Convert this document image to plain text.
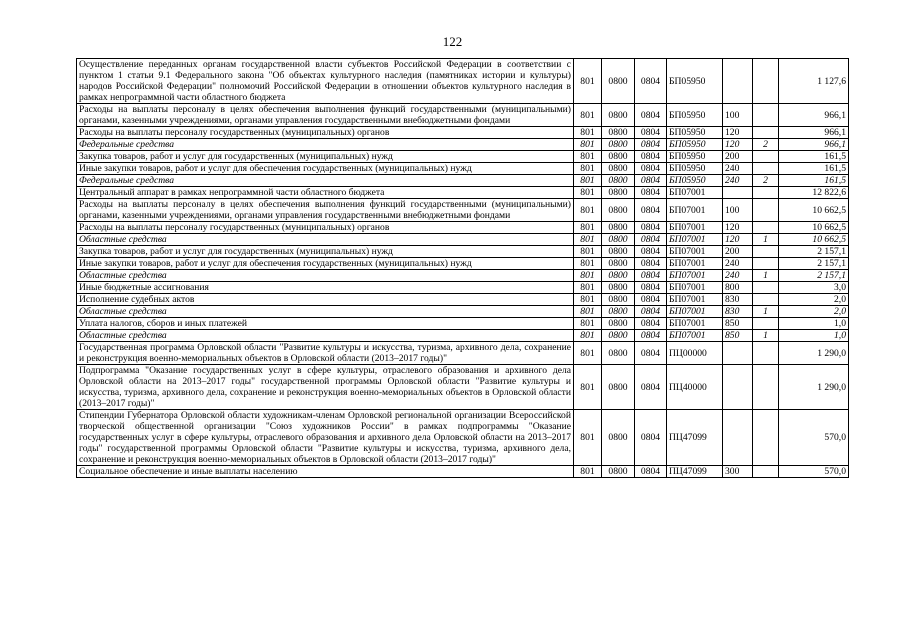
122
Осуществление переданных органам государственной власти субъектов Российской Федерации в соответствии с пунктом 1 статьи 9.1 Федерального закона "Об объектах культурного наследия (памятниках истории и культуры) народов Российской Федерации" полномочий Российской Федерации в отношении объектов культурного наследия в рамках непрограммной части областного бюджета	801	0800	0804	БП05950			1 127,6
Расходы на выплаты персоналу в целях обеспечения выполнения функций государственными (муниципальными) органами, казенными учреждениями, органами управления государственными внебюджетными фондами	801	0800	0804	БП05950	100		966,1
Расходы на выплаты персоналу государственных (муниципальных) органов	801	0800	0804	БП05950	120		966,1
Федеральные средства	801	0800	0804	БП05950	120	2	966,1
Закупка товаров, работ и услуг для государственных (муниципальных) нужд	801	0800	0804	БП05950	200		161,5
Иные закупки товаров, работ и услуг для обеспечения государственных (муниципальных) нужд	801	0800	0804	БП05950	240		161,5
Федеральные средства	801	0800	0804	БП05950	240	2	161,5
Центральный аппарат в рамках непрограммной части областного бюджета	801	0800	0804	БП07001			12 822,6
Расходы на выплаты персоналу в целях обеспечения выполнения функций государственными (муниципальными) органами, казенными учреждениями, органами управления государственными внебюджетными фондами	801	0800	0804	БП07001	100		10 662,5
Расходы на выплаты персоналу государственных (муниципальных) органов	801	0800	0804	БП07001	120		10 662,5
Областные средства	801	0800	0804	БП07001	120	1	10 662,5
Закупка товаров, работ и услуг для государственных (муниципальных) нужд	801	0800	0804	БП07001	200		2 157,1
Иные закупки товаров, работ и услуг для обеспечения государственных (муниципальных) нужд	801	0800	0804	БП07001	240		2 157,1
Областные средства	801	0800	0804	БП07001	240	1	2 157,1
Иные бюджетные ассигнования	801	0800	0804	БП07001	800		3,0
Исполнение судебных актов	801	0800	0804	БП07001	830		2,0
Областные средства	801	0800	0804	БП07001	830	1	2,0
Уплата налогов, сборов и иных платежей	801	0800	0804	БП07001	850		1,0
Областные средства	801	0800	0804	БП07001	850	1	1,0
Государственная программа Орловской области "Развитие культуры и искусства, туризма, архивного дела, сохранение и реконструкция военно-мемориальных объектов в Орловской области (2013–2017 годы)"	801	0800	0804	ПЦ00000			1 290,0
Подпрограмма "Оказание государственных услуг в сфере культуры, отраслевого образования и архивного дела Орловской области на 2013–2017 годы" государственной программы Орловской области "Развитие культуры и искусства, туризма, архивного дела, сохранение и реконструкция военно-мемориальных объектов в Орловской области (2013–2017 годы)"	801	0800	0804	ПЦ40000			1 290,0
Стипендии Губернатора Орловской области художникам-членам Орловской региональной организации Всероссийской творческой общественной организации "Союз художников России" в рамках подпрограммы "Оказание государственных услуг в сфере культуры, отраслевого образования и архивного дела Орловской области на 2013–2017 годы" государственной программы Орловской области "Развитие культуры и искусства, туризма, архивного дела, сохранение и реконструкция военно-мемориальных объектов в Орловской области (2013–2017 годы)"	801	0800	0804	ПЦ47099			570,0
Социальное обеспечение и иные выплаты населению	801	0800	0804	ПЦ47099	300		570,0
